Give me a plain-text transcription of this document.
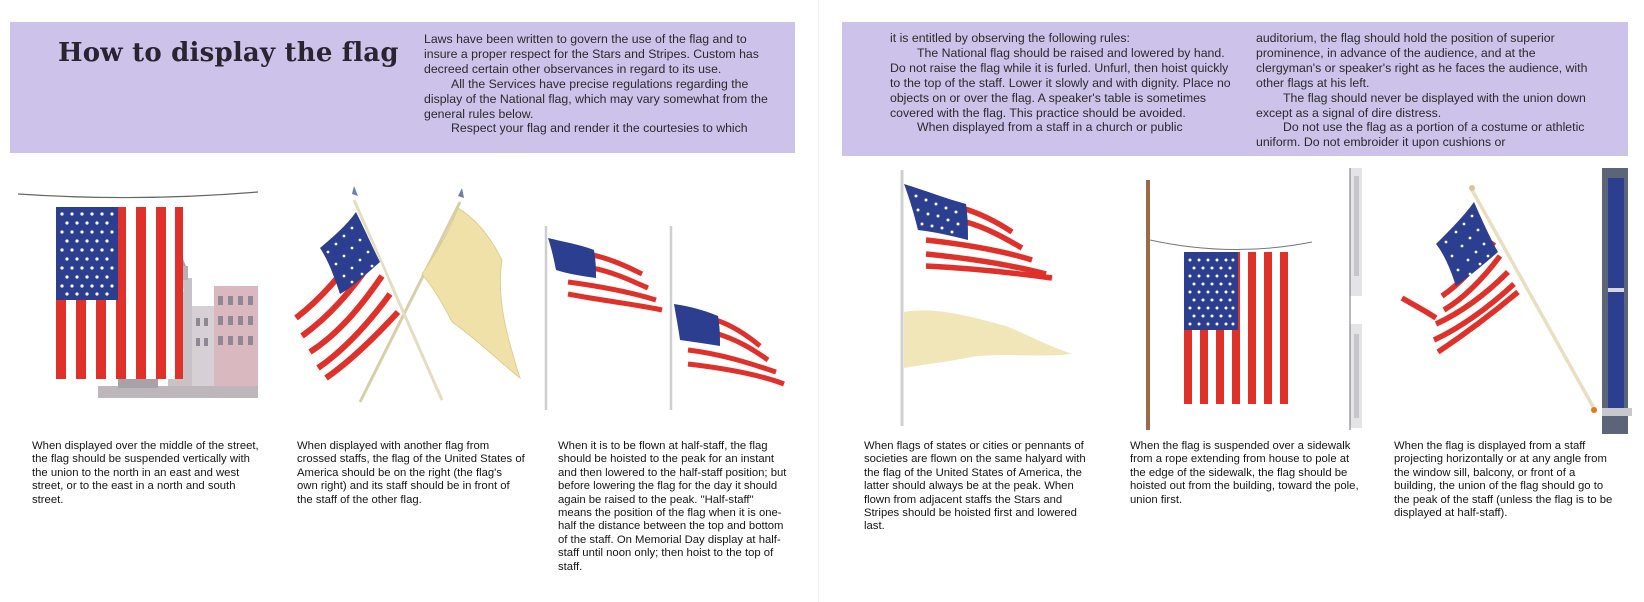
How to display the flag Laws have been written to govern the use of the flag and to insure a proper respect for the Stars and Stripes. Custom has decreed certain other observances in regard to its use.

All the Services have precise regulations regarding the display of the National flag, which may vary somewhat from the general rules below.

Respect your flag and render it the courtesies to which

When displayed over the middle of the street, the flag should be suspended vertically with the union to the north in an east and west street, or to the east in a north and south street.
When displayed with another flag from crossed staffs, the flag of the United States of America should be on the right (the flag's own right) and its staff should be in front of the staff of the other flag.
When it is to be flown at half-staff, the flag should be hoisted to the peak for an instant and then lowered to the half-staff position; but before lowering the flag for the day it should again be raised to the peak. "Half-staff" means the position of the flag when it is one-half the distance between the top and bottom of the staff. On Memorial Day display at half-staff until noon only; then hoist to the top of staff.

it is entitled by observing the following rules:

The National flag should be raised and lowered by hand. Do not raise the flag while it is furled. Unfurl, then hoist quickly to the top of the staff. Lower it slowly and with dignity. Place no objects on or over the flag. A speaker's table is sometimes covered with the flag. This practice should be avoided.

When displayed from a staff in a church or public

auditorium, the flag should hold the position of superior prominence, in advance of the audience, and at the clergyman's or speaker's right as he faces the audience, with other flags at his left.

The flag should never be displayed with the union down except as a signal of dire distress.

Do not use the flag as a portion of a costume or athletic uniform. Do not embroider it upon cushions or

When flags of states or cities or pennants of societies are flown on the same halyard with the flag of the United States of America, the latter should always be at the peak. When flown from adjacent staffs the Stars and Stripes should be hoisted first and lowered last.
When the flag is suspended over a sidewalk from a rope extending from house to pole at the edge of the sidewalk, the flag should be hoisted out from the building, toward the pole, union first.
When the flag is displayed from a staff projecting horizontally or at any angle from the window sill, balcony, or front of a building, the union of the flag should go to the peak of the staff (unless the flag is to be displayed at half-staff).
